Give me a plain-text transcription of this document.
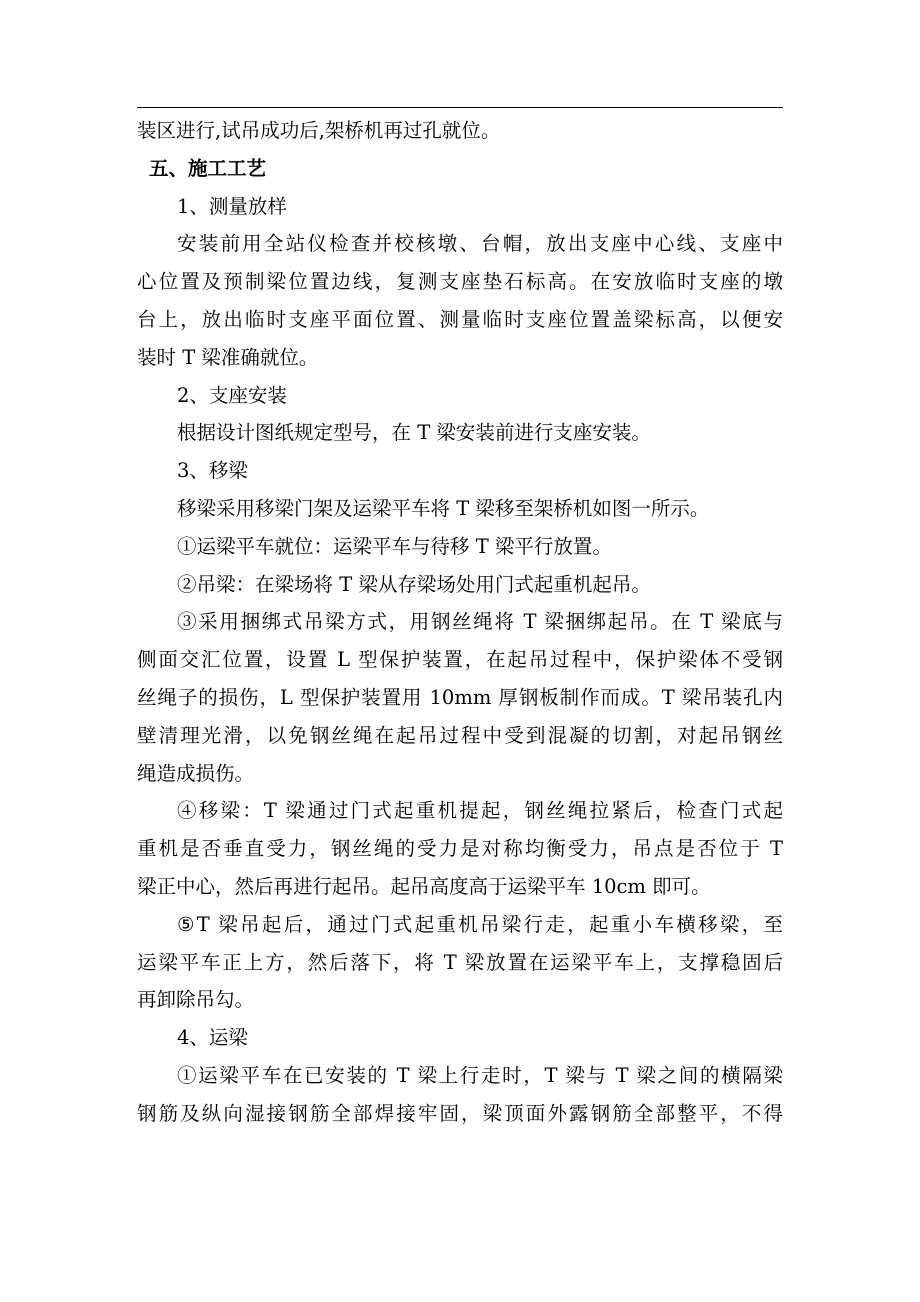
装区进行,试吊成功后,架桥机再过孔就位。
五、施工工艺
1、测量放样
安装前用全站仪检查并校核墩、台帽，放出支座中心线、支座中
心位置及预制梁位置边线，复测支座垫石标高。在安放临时支座的墩
台上，放出临时支座平面位置、测量临时支座位置盖梁标高，以便安
装时 T 梁准确就位。
2、支座安装
根据设计图纸规定型号，在 T 梁安装前进行支座安装。
3、移梁
移梁采用移梁门架及运梁平车将 T 梁移至架桥机如图一所示。
①运梁平车就位：运梁平车与待移 T 梁平行放置。
②吊梁：在梁场将 T 梁从存梁场处用门式起重机起吊。
③采用捆绑式吊梁方式，用钢丝绳将 T 梁捆绑起吊。在 T 梁底与
侧面交汇位置，设置 L 型保护装置，在起吊过程中，保护梁体不受钢
丝绳子的损伤，L 型保护装置用 10mm 厚钢板制作而成。T 梁吊装孔内
壁清理光滑，以免钢丝绳在起吊过程中受到混凝的切割，对起吊钢丝
绳造成损伤。
④移梁：T 梁通过门式起重机提起，钢丝绳拉紧后，检查门式起
重机是否垂直受力，钢丝绳的受力是对称均衡受力，吊点是否位于 T
梁正中心，然后再进行起吊。起吊高度高于运梁平车 10cm 即可。
⑤T 梁吊起后，通过门式起重机吊梁行走，起重小车横移梁，至
运梁平车正上方，然后落下，将 T 梁放置在运梁平车上，支撑稳固后
再卸除吊勾。
4、运梁
①运梁平车在已安装的 T 梁上行走时，T 梁与 T 梁之间的横隔梁
钢筋及纵向湿接钢筋全部焊接牢固，梁顶面外露钢筋全部整平，不得
